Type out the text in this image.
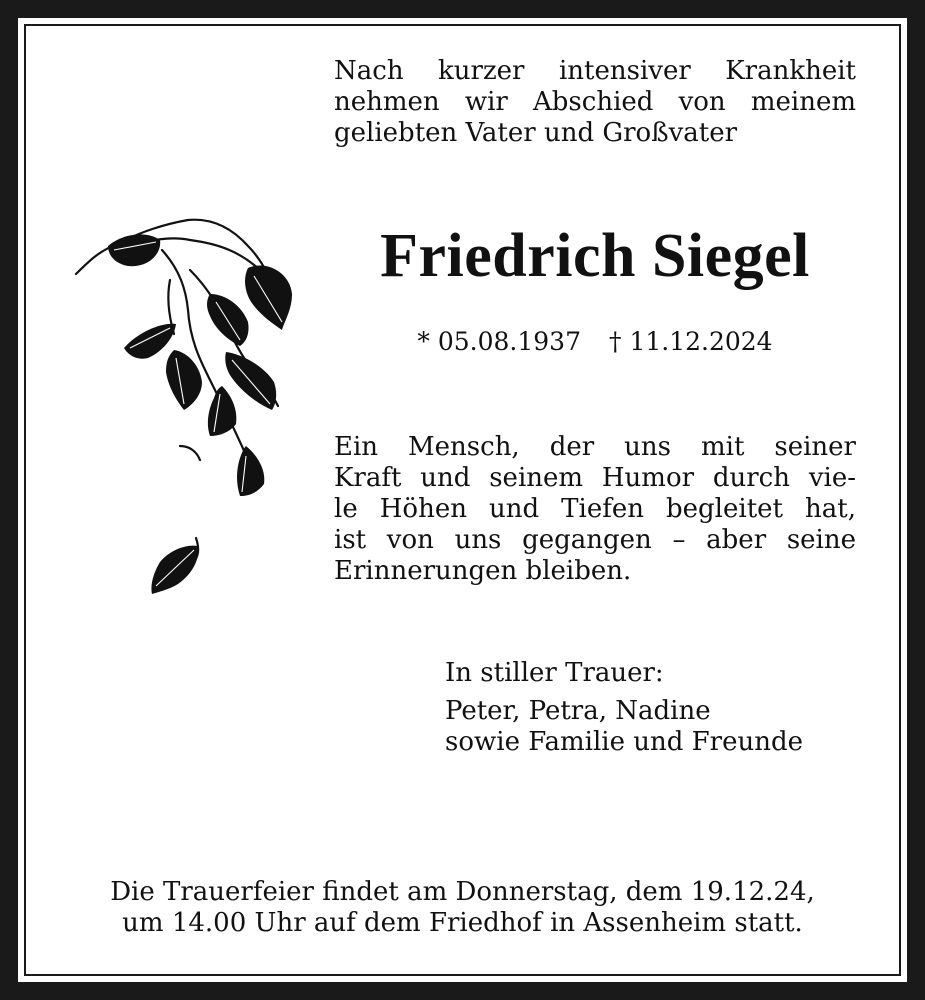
Nach kurzer intensiver Krankheit
nehmen wir Abschied von meinem
geliebten Vater und Großvater
Friedrich Siegel
* 05.08.1937 † 11.12.2024
Ein Mensch, der uns mit seiner
Kraft und seinem Humor durch vie-
le Höhen und Tiefen begleitet hat,
ist von uns gegangen – aber seine
Erinnerungen bleiben.
In stiller Trauer:
Peter, Petra, Nadine
sowie Familie und Freunde
Die Trauerfeier findet am Donnerstag, dem 19.12.24,
um 14.00 Uhr auf dem Friedhof in Assenheim statt.
